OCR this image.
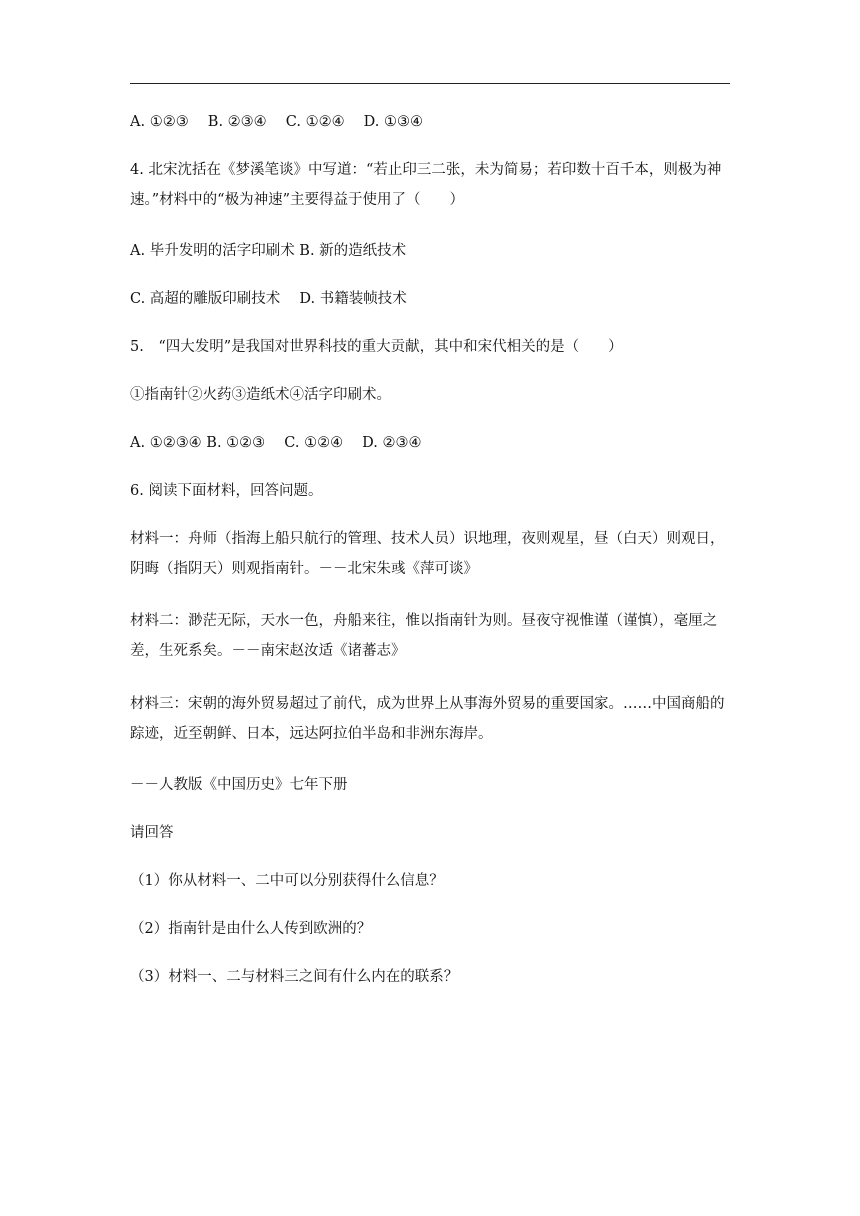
A. ①②③　 B. ②③④　 C. ①②④　 D. ①③④
4. 北宋沈括在《梦溪笔谈》中写道：“若止印三二张，未为简易；若印数十百千本，则极为神速。”材料中的“极为神速”主要得益于使用了（　　）
A. 毕升发明的活字印刷术 B. 新的造纸技术
C. 高超的雕版印刷技术　 D. 书籍装帧技术
5.　“四大发明”是我国对世界科技的重大贡献，其中和宋代相关的是（　　）
①指南针②火药③造纸术④活字印刷术。
A. ①②③④ B. ①②③　 C. ①②④　 D. ②③④
6. 阅读下面材料，回答问题。
材料一：舟师（指海上船只航行的管理、技术人员）识地理，夜则观星，昼（白天）则观日，阴晦（指阴天）则观指南针。－－北宋朱彧《萍可谈》
材料二：渺茫无际，天水一色，舟船来往，惟以指南针为则。昼夜守视惟谨（谨慎），毫厘之差，生死系矣。－－南宋赵汝适《诸蕃志》
材料三：宋朝的海外贸易超过了前代，成为世界上从事海外贸易的重要国家。……中国商船的踪迹，近至朝鲜、日本，远达阿拉伯半岛和非洲东海岸。
－－人教版《中国历史》七年下册
请回答
（1）你从材料一、二中可以分别获得什么信息？
（2）指南针是由什么人传到欧洲的？
（3）材料一、二与材料三之间有什么内在的联系？
